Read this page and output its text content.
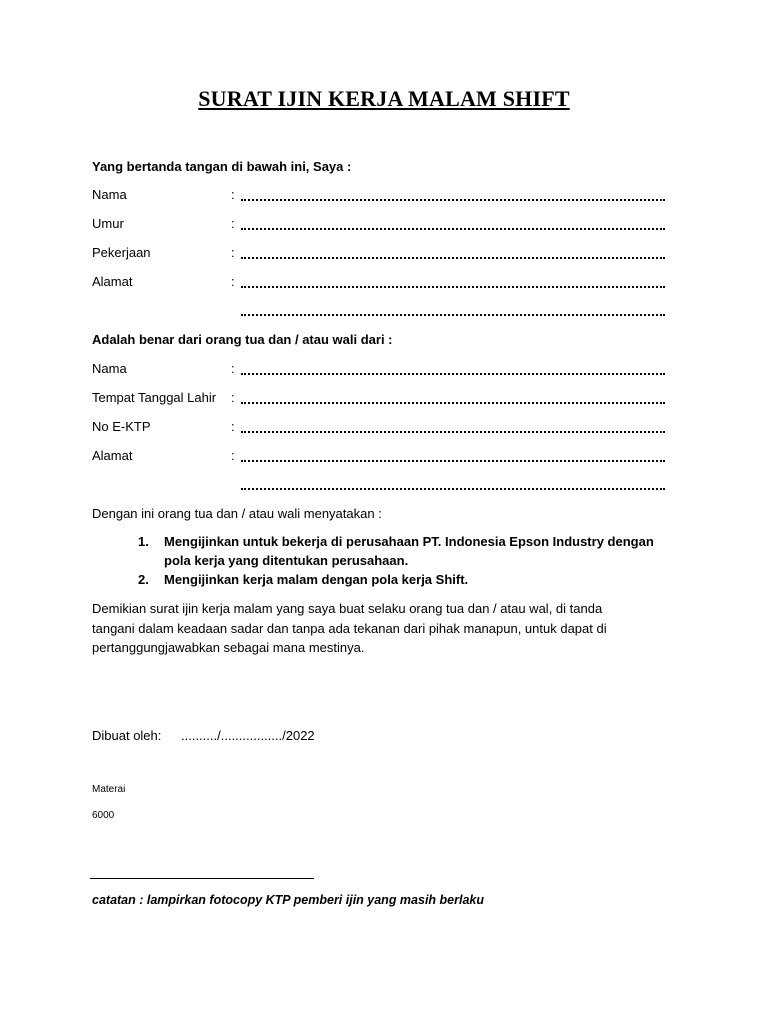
SURAT IJIN KERJA MALAM SHIFT
Yang bertanda tangan di bawah ini, Saya :
Nama	:
Umur	:
Pekerjaan	:
Alamat	:
Adalah benar dari orang tua dan / atau wali dari :
Nama	:
Tempat Tanggal Lahir :
No E-KTP	:
Alamat	:
Dengan ini orang tua dan / atau wali menyatakan :
1. Mengijinkan untuk bekerja di perusahaan PT. Indonesia Epson Industry dengan
pola kerja yang ditentukan perusahaan.
2. Mengijinkan kerja malam dengan pola kerja Shift.
Demikian surat ijin kerja malam yang saya buat selaku orang tua dan / atau wal, di tanda
tangani dalam keadaan sadar dan tanpa ada tekanan dari pihak manapun, untuk dapat di
pertanggungjawabkan sebagai mana mestinya.
Dibuat oleh: ........../................./2022
Materai
6000
catatan : lampirkan fotocopy KTP pemberi ijin yang masih berlaku
